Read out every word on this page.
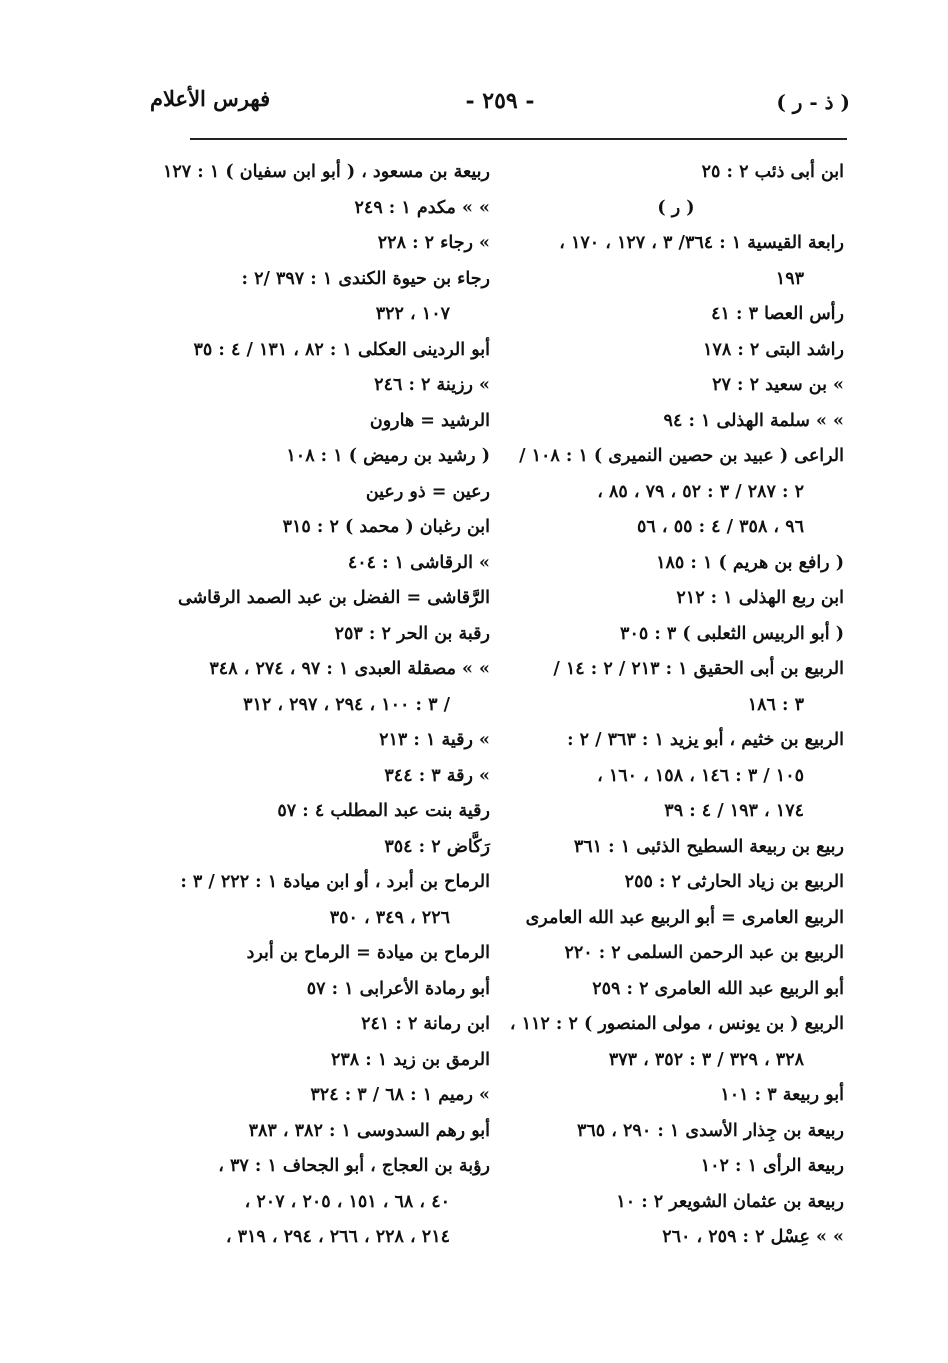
( ذ - ر )
- ٢٥٩ -
فهرس الأعلام
ابن أبى ذئب ٢ : ٢٥
( ر )
رابعة القيسية ١ : ٣٦٤/ ٣ ، ١٢٧ ، ١٧٠ ،
١٩٣
رأس العصا ٣ : ٤١
راشد البتى ٢ : ١٧٨
» بن سعيد ٢ : ٢٧
» » سلمة الهذلى ١ : ٩٤
الراعى ( عبيد بن حصين النميرى ) ١ : ١٠٨ /
٢ : ٢٨٧ / ٣ : ٥٢ ، ٧٩ ، ٨٥ ،
٩٦ ، ٣٥٨ / ٤ : ٥٥ ، ٥٦
( رافع بن هريم ) ١ : ١٨٥
ابن ربع الهذلى ١ : ٢١٢
( أبو الربيس الثعلبى ) ٣ : ٣٠٥
الربيع بن أبى الحقيق ١ : ٢١٣ / ٢ : ١٤ /
٣ : ١٨٦
الربيع بن خثيم ، أبو يزيد ١ : ٣٦٣ / ٢ :
١٠٥ / ٣ : ١٤٦ ، ١٥٨ ، ١٦٠ ،
١٧٤ ، ١٩٣ / ٤ : ٣٩
ربيع بن ربيعة السطيح الذئبى ١ : ٣٦١
الربيع بن زياد الحارثى ٢ : ٢٥٥
الربيع العامرى = أبو الربيع عبد الله العامرى
الربيع بن عبد الرحمن السلمى ٢ : ٢٢٠
أبو الربيع عبد الله العامرى ٢ : ٢٥٩
الربيع ( بن يونس ، مولى المنصور ) ٢ : ١١٢ ،
٣٢٨ ، ٣٢٩ / ٣ : ٣٥٢ ، ٣٧٣
أبو ربيعة ٣ : ١٠١
ربيعة بن جِذار الأسدى ١ : ٢٩٠ ، ٣٦٥
ربيعة الرأى ١ : ١٠٢
ربيعة بن عثمان الشويعر ٢ : ١٠
» » عِسْل ٢ : ٢٥٩ ، ٢٦٠
ربيعة بن مسعود ، ( أبو ابن سفيان ) ١ : ١٢٧
» » مكدم ١ : ٢٤٩
» رجاء ٢ : ٢٢٨
رجاء بن حيوة الكندى ١ : ٣٩٧ /٢ :
١٠٧ ، ٣٢٢
أبو الردينى العكلى ١ : ٨٢ ، ١٣١ / ٤ : ٣٥
» رزينة ٢ : ٢٤٦
الرشيد = هارون
( رشيد بن رميض ) ١ : ١٠٨
رعين = ذو رعين
ابن رغبان ( محمد ) ٢ : ٣١٥
» الرقاشى ١ : ٤٠٤
الرَّقاشى = الفضل بن عبد الصمد الرقاشى
رقبة بن الحر ٢ : ٢٥٣
» » مصقلة العبدى ١ : ٩٧ ، ٢٧٤ ، ٣٤٨
/ ٣ : ١٠٠ ، ٢٩٤ ، ٢٩٧ ، ٣١٢
» رقية ١ : ٢١٣
» رقة ٣ : ٣٤٤
رقية بنت عبد المطلب ٤ : ٥٧
رَكَّاض ٢ : ٣٥٤
الرماح بن أبرد ، أو ابن ميادة ١ : ٢٢٢ / ٣ :
٢٢٦ ، ٣٤٩ ، ٣٥٠
الرماح بن ميادة = الرماح بن أبرد
أبو رمادة الأعرابى ١ : ٥٧
ابن رمانة ٢ : ٢٤١
الرمق بن زيد ١ : ٢٣٨
» رميم ١ : ٦٨ / ٣ : ٣٢٤
أبو رهم السدوسى ١ : ٣٨٢ ، ٣٨٣
رؤبة بن العجاج ، أبو الجحاف ١ : ٣٧ ،
٤٠ ، ٦٨ ، ١٥١ ، ٢٠٥ ، ٢٠٧ ،
٢١٤ ، ٢٢٨ ، ٢٦٦ ، ٢٩٤ ، ٣١٩ ،
